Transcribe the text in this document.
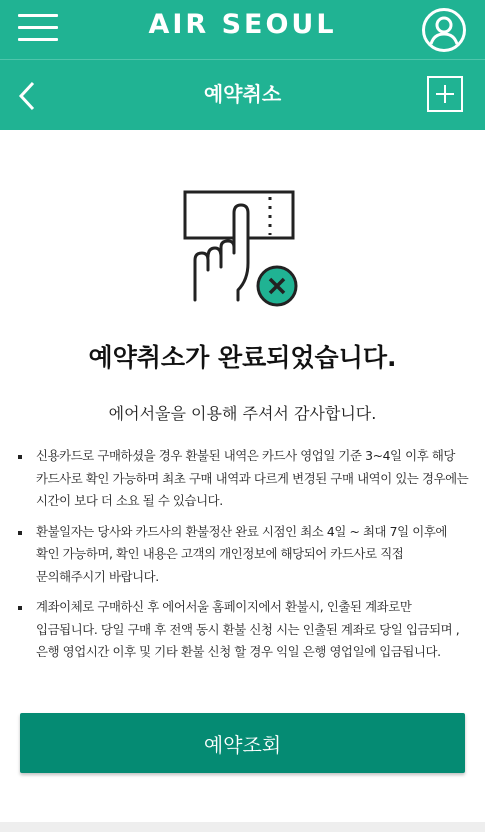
AIR SEOUL
예약취소
예약취소가 완료되었습니다.
에어서울을 이용해 주셔서 감사합니다.
신용카드로 구매하셨을 경우 환불된 내역은 카드사 영업일 기준 3~4일 이후 해당 카드사로 확인 가능하며 최초 구매 내역과 다르게 변경된 구매 내역이 있는 경우에는 시간이 보다 더 소요 될 수 있습니다.
환불일자는 당사와 카드사의 환불정산 완료 시점인 최소 4일 ~ 최대 7일 이후에 확인 가능하며, 확인 내용은 고객의 개인정보에 해당되어 카드사로 직접 문의해주시기 바랍니다.
계좌이체로 구매하신 후 에어서울 홈페이지에서 환불시, 인출된 계좌로만 입금됩니다. 당일 구매 후 전액 동시 환불 신청 시는 인출된 계좌로 당일 입금되며 , 은행 영업시간 이후 및 기타 환불 신청 할 경우 익일 은행 영업일에 입금됩니다.
예약조회
